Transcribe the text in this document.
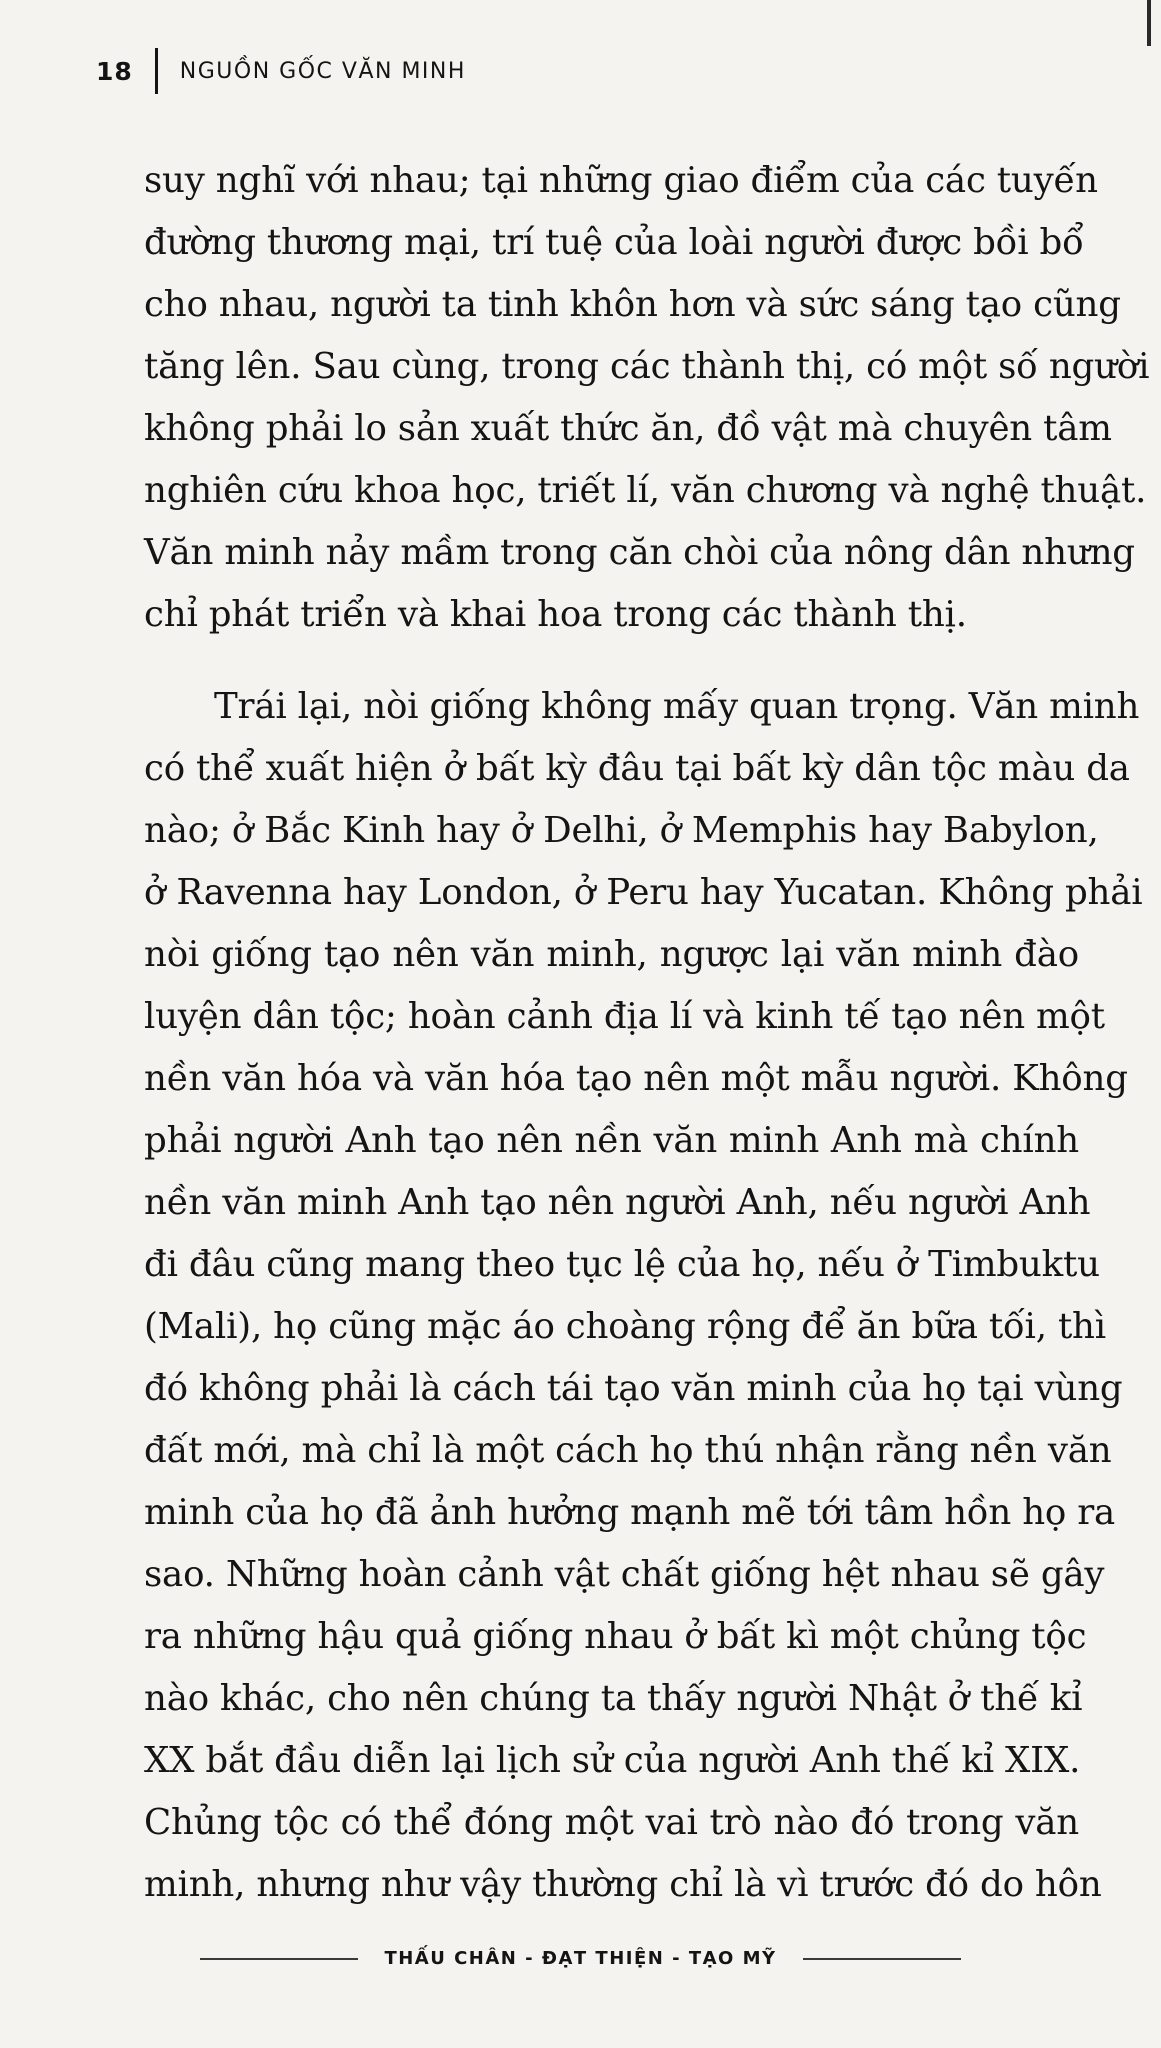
18 NGUỒN GỐC VĂN MINH
suy nghĩ với nhau; tại những giao điểm của các tuyến
đường thương mại, trí tuệ của loài người được bồi bổ
cho nhau, người ta tinh khôn hơn và sức sáng tạo cũng
tăng lên. Sau cùng, trong các thành thị, có một số người
không phải lo sản xuất thức ăn, đồ vật mà chuyên tâm
nghiên cứu khoa học, triết lí, văn chương và nghệ thuật.
Văn minh nảy mầm trong căn chòi của nông dân nhưng
chỉ phát triển và khai hoa trong các thành thị.
Trái lại, nòi giống không mấy quan trọng. Văn minh
có thể xuất hiện ở bất kỳ đâu tại bất kỳ dân tộc màu da
nào; ở Bắc Kinh hay ở Delhi, ở Memphis hay Babylon,
ở Ravenna hay London, ở Peru hay Yucatan. Không phải
nòi giống tạo nên văn minh, ngược lại văn minh đào
luyện dân tộc; hoàn cảnh địa lí và kinh tế tạo nên một
nền văn hóa và văn hóa tạo nên một mẫu người. Không
phải người Anh tạo nên nền văn minh Anh mà chính
nền văn minh Anh tạo nên người Anh, nếu người Anh
đi đâu cũng mang theo tục lệ của họ, nếu ở Timbuktu
(Mali), họ cũng mặc áo choàng rộng để ăn bữa tối, thì
đó không phải là cách tái tạo văn minh của họ tại vùng
đất mới, mà chỉ là một cách họ thú nhận rằng nền văn
minh của họ đã ảnh hưởng mạnh mẽ tới tâm hồn họ ra
sao. Những hoàn cảnh vật chất giống hệt nhau sẽ gây
ra những hậu quả giống nhau ở bất kì một chủng tộc
nào khác, cho nên chúng ta thấy người Nhật ở thế kỉ
XX bắt đầu diễn lại lịch sử của người Anh thế kỉ XIX.
Chủng tộc có thể đóng một vai trò nào đó trong văn
minh, nhưng như vậy thường chỉ là vì trước đó do hôn
THẤU CHÂN - ĐẠT THIỆN - TẠO MỸ
